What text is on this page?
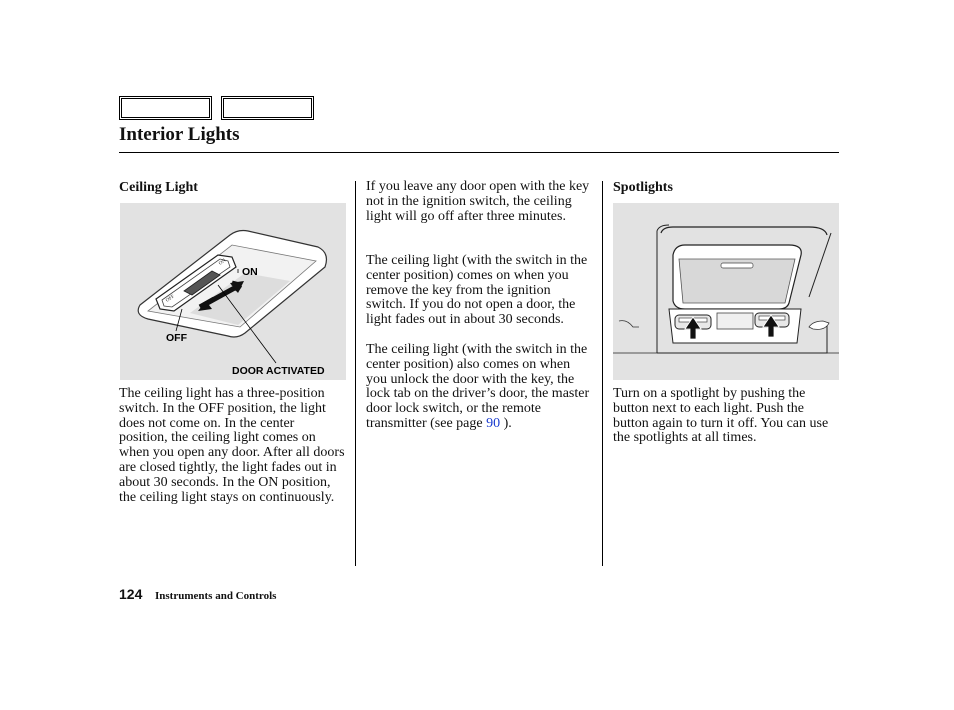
Interior Lights
Ceiling Light
OFF
ON
ON
OFF
DOOR ACTIVATED

The ceiling light has a three-position switch. In the OFF position, the light does not come on. In the center position, the ceiling light comes on when you open any door. After all doors are closed tightly, the light fades out in about 30 seconds. In the ON position, the ceiling light stays on continuously.

If you leave any door open with the key not in the ignition switch, the ceiling light will go off after three minutes.

The ceiling light (with the switch in the center position) comes on when you remove the key from the ignition switch. If you do not open a door, the light fades out in about 30 seconds.

The ceiling light (with the switch in the center position) also comes on when you unlock the door with the key, the lock tab on the driver’s door, the master door lock switch, or the remote transmitter (see page 90 ).

Spotlights

Turn on a spotlight by pushing the button next to each light. Push the button again to turn it off. You can use the spotlights at all times.

124 Instruments and Controls
